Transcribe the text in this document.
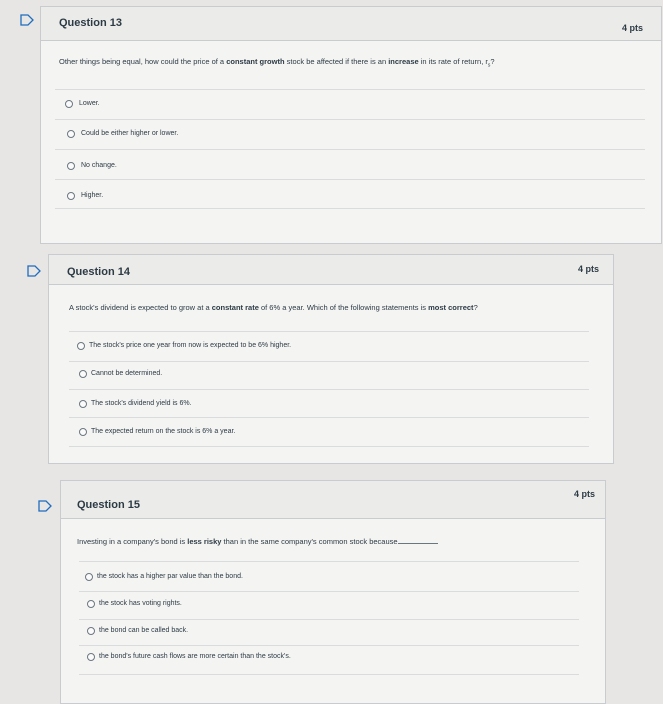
Question 13	4 pts
Other things being equal, how could the price of a constant growth stock be affected if there is an increase in its rate of return, $r_s$?
Lower.
Could be either higher or lower.
No change.
Higher.
Question 14	4 pts
A stock's dividend is expected to grow at a constant rate of 6% a year. Which of the following statements is most correct?
The stock's price one year from now is expected to be 6% higher.
Cannot be determined.
The stock's dividend yield is 6%.
The expected return on the stock is 6% a year.
Question 15
4 pts
Investing in a company's bond is less risky than in the same company's common stock because
the stock has a higher par value than the bond.
the stock has voting rights.
the bond can be called back.
the bond's future cash flows are more certain than the stock's.
